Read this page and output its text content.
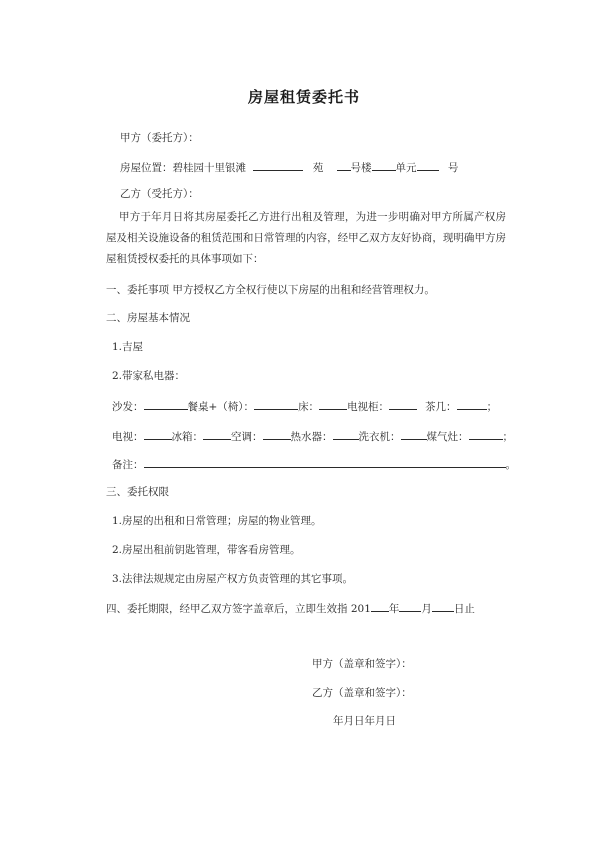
房屋租赁委托书
甲方（委托方）：
房屋位置：碧桂园十里银滩	苑	号楼 单元	号
乙方（受托方）：
甲方于年月日将其房屋委托乙方进行出租及管理，为进一步明确对甲方所属产权房屋及相关设施设备的租赁范围和日常管理的内容，经甲乙双方友好协商，现明确甲方房屋租赁授权委托的具体事项如下：
一、委托事项 甲方授权乙方全权行使以下房屋的出租和经营管理权力。
二、房屋基本情况
1.吉屋
2.带家私电器：
沙发：	餐桌+（椅）：	床：	电视柜：	茶几：	；
电视：	冰箱：	空调：	热水器： 洗衣机： 煤气灶：	；
备注：	。
三、委托权限
1.房屋的出租和日常管理；房屋的物业管理。
2.房屋出租前钥匙管理，带客看房管理。
3.法律法规规定由房屋产权方负责管理的其它事项。
四、委托期限，经甲乙双方签字盖章后，立即生效指 201 年 月 日止
甲方（盖章和签字）：
乙方（盖章和签字）：
年月日年月日
